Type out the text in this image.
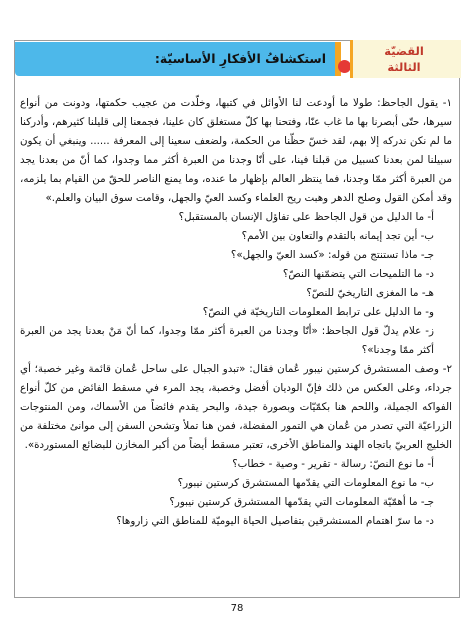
استكشافُ الأفكارِ الأساسيّة:	القضيّة
الثالثة

١- يقول الجاحظ: طولا ما أودعت لنا الأوائل في كتبها، وخلّدت من عجيب حكمتها، ودونت من أنواع سيرها، حتّى أبصرنا بها ما غاب عنّا، وفتحنا بها كلّ مستغلق كان علينا، فجمعنا إلى قليلنا كثيرهم، وأدركنا ما لم نكن ندركه إلا بهم، لقد خسّ حظّنا من الحكمة، ولضعف سعينا إلى المعرفة ...... وينبغي أن يكون سبيلنا لمن بعدنا كسبيل من قبلنا فينا، على أنّا وجدنا من العبرة أكثر مما وجدوا، كما أنّ من بعدنا يجد من العبرة أكثر ممّا وجدنا، فما ينتظر العالم بإظهار ما عنده، وما يمنع الناصر للحقّ من القيام بما يلزمه، وقد أمكن القول وصلح الدهر وهبت ريح العلماء وكسد العيّ والجهل، وقامت سوق البيان والعلم.»

أ- ما الدليل من قول الجاحظ على تفاؤل الإنسان بالمستقبل؟

ب- أين تجد إيمانه بالتقدم والتعاون بين الأمم؟

جـ- ماذا تستنتج من قوله: «كسد العيّ والجهل»؟

د- ما التلميحات التي يتضمّنها النصّ؟

هـ- ما المغزى التاريخيّ للنصّ؟

و- ما الدليل على ترابط المعلومات التاريخيّة في النصّ؟

ز- علام يدلّ قول الجاحظ: «أنّا وجدنا من العبرة أكثر ممّا وجدوا، كما أنّ مَنْ بعدنا يجد من العبرة أكثر ممّا وجدنا»؟

٢- وصف المستشرق كرستين نيبور عُمان فقال: «تبدو الجبال على ساحل عُمان قائمة وغير خصبة؛ أي جرداء، وعلى العكس من ذلك فإنّ الوديان أفضل وخصبة، يجد المرء في مسقط الفائض من كلّ أنواع الفواكه الجميلة، واللحم هنا بكمّيّات وبصورة جيدة، والبحر يقدم فائضاً من الأسماك، ومن المنتوجات الزراعيّة التي تصدر من عُمان هي التمور المفضلة، فمن هنا تملأ وتشحن السفن إلى موانئ مختلفة من الخليج العربيّ باتجاه الهند والمناطق الأخرى، تعتبر مسقط أيضاً من أكبر المخازن للبضائع المستوردة».

أ- ما نوع النصّ: رسالة - تقرير - وصية - خطاب؟

ب- ما نوع المعلومات التي يقدّمها المستشرق كرستين نيبور؟

جـ- ما أهمّيّة المعلومات التي يقدّمها المستشرق كرستين نيبور؟

د- ما سرّ اهتمام المستشرقين بتفاصيل الحياة اليوميّة للمناطق التي زاروها؟

78
